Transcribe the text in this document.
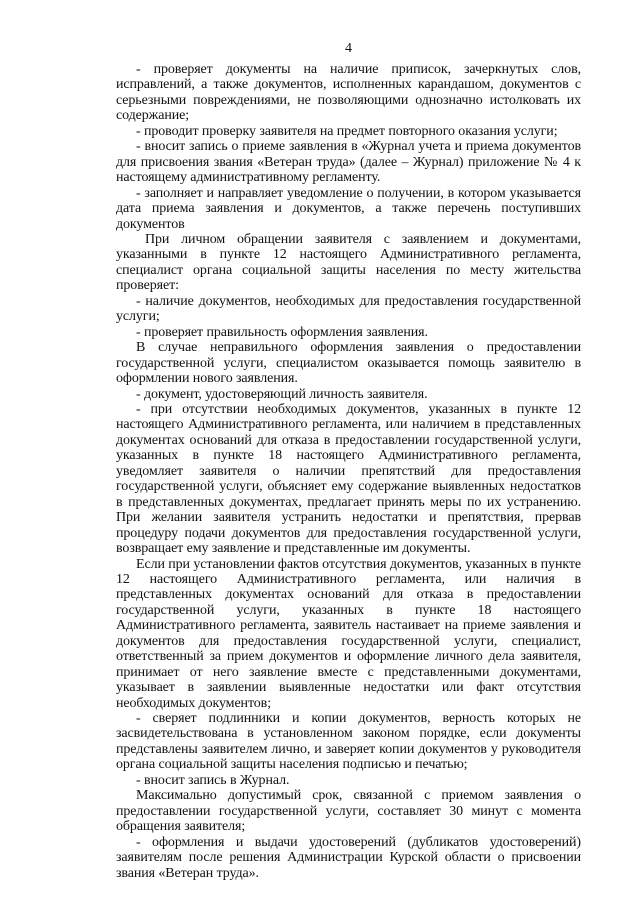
4

- проверяет документы на наличие приписок, зачеркнутых слов, исправлений, а также документов, исполненных карандашом, документов с серьезными повреждениями, не позволяющими однозначно истолковать их содержание;

- проводит проверку заявителя на предмет повторного оказания услуги;

- вносит запись о приеме заявления в «Журнал учета и приема документов для присвоения звания «Ветеран труда» (далее – Журнал) приложение № 4 к настоящему административному регламенту.

- заполняет и направляет уведомление о получении, в котором указывается дата приема заявления и документов, а также перечень поступивших документов

При личном обращении заявителя с заявлением и документами, указанными в пункте 12 настоящего Административного регламента, специалист органа социальной защиты населения по месту жительства проверяет:

- наличие документов, необходимых для предоставления государственной услуги;

- проверяет правильность оформления заявления.

В случае неправильного оформления заявления о предоставлении государственной услуги, специалистом оказывается помощь заявителю в оформлении нового заявления.

- документ, удостоверяющий личность заявителя.

- при отсутствии необходимых документов, указанных в пункте 12 настоящего Административного регламента, или наличием в представленных документах оснований для отказа в предоставлении государственной услуги, указанных в пункте 18 настоящего Административного регламента, уведомляет заявителя о наличии препятствий для предоставления государственной услуги, объясняет ему содержание выявленных недостатков в представленных документах, предлагает принять меры по их устранению. При желании заявителя устранить недостатки и препятствия, прервав процедуру подачи документов для предоставления государственной услуги, возвращает ему заявление и представленные им документы.

Если при установлении фактов отсутствия документов, указанных в пункте 12 настоящего Административного регламента, или наличия в представленных документах оснований для отказа в предоставлении государственной услуги, указанных в пункте 18 настоящего Административного регламента, заявитель настаивает на приеме заявления и документов для предоставления государственной услуги, специалист, ответственный за прием документов и оформление личного дела заявителя, принимает от него заявление вместе с представленными документами, указывает в заявлении выявленные недостатки или факт отсутствия необходимых документов;

- сверяет подлинники и копии документов, верность которых не засвидетельствована в установленном законом порядке, если документы представлены заявителем лично, и заверяет копии документов у руководителя органа социальной защиты населения подписью и печатью;

- вносит запись в Журнал.

Максимально допустимый срок, связанной с приемом заявления о предоставлении государственной услуги, составляет 30 минут с момента обращения заявителя;

- оформления и выдачи удостоверений (дубликатов удостоверений) заявителям после решения Администрации Курской области о присвоении звания «Ветеран труда».
